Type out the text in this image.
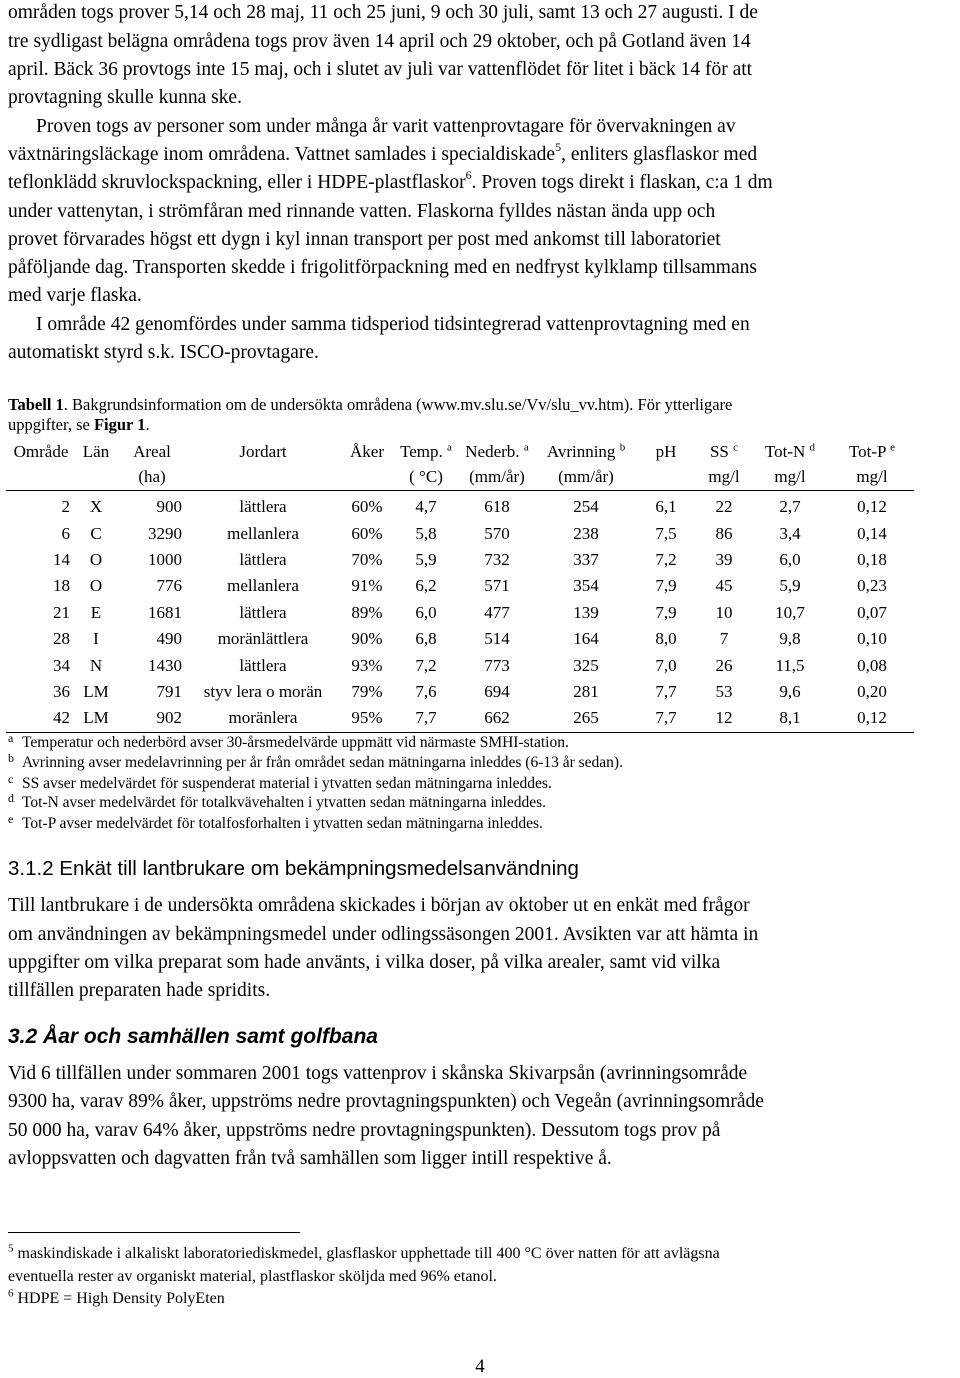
områden togs prover 5,14 och 28 maj, 11 och 25 juni, 9 och 30 juli, samt 13 och 27 augusti. I de
tre sydligast belägna områdena togs prov även 14 april och 29 oktober, och på Gotland även 14
april. Bäck 36 provtogs inte 15 maj, och i slutet av juli var vattenflödet för litet i bäck 14 för att
provtagning skulle kunna ske.
Proven togs av personer som under många år varit vattenprovtagare för övervakningen av
växtnäringsläckage inom områdena. Vattnet samlades i specialdiskade$^5$, enliters glasflaskor med
teflonklädd skruvlockspackning, eller i HDPE-plastflaskor$^6$. Proven togs direkt i flaskan, c:a 1 dm
under vattenytan, i strömfåran med rinnande vatten. Flaskorna fylldes nästan ända upp och
provet förvarades högst ett dygn i kyl innan transport per post med ankomst till laboratoriet
påföljande dag. Transporten skedde i frigolitförpackning med en nedfryst kylklamp tillsammans
med varje flaska.
I område 42 genomfördes under samma tidsperiod tidsintegrerad vattenprovtagning med en
automatiskt styrd s.k. ISCO-provtagare.
Tabell 1. Bakgrundsinformation om de undersökta områdena (www.mv.slu.se/Vv/slu_vv.htm). För ytterligare
uppgifter, se Figur 1.
Område	Län	Areal	Jordart	Åker	Temp. $^a$	Nederb. $^a$	Avrinning $^b$	pH	SS $^c$	Tot-N $^d$	Tot-P $^e$
		(ha)			( °C)	(mm/år)	(mm/år)		mg/l	mg/l	mg/l
2	X	900	lättlera	60%	4,7	618	254	6,1	22	2,7	0,12
6	C	3290	mellanlera	60%	5,8	570	238	7,5	86	3,4	0,14
14	O	1000	lättlera	70%	5,9	732	337	7,2	39	6,0	0,18
18	O	776	mellanlera	91%	6,2	571	354	7,9	45	5,9	0,23
21	E	1681	lättlera	89%	6,0	477	139	7,9	10	10,7	0,07
28	I	490	moränlättlera	90%	6,8	514	164	8,0	7	9,8	0,10
34	N	1430	lättlera	93%	7,2	773	325	7,0	26	11,5	0,08
36	LM	791	styv lera o morän	79%	7,6	694	281	7,7	53	9,6	0,20
42	LM	902	moränlera	95%	7,7	662	265	7,7	12	8,1	0,12
a Temperatur och nederbörd avser 30-årsmedelvärde uppmätt vid närmaste SMHI-station.
b Avrinning avser medelavrinning per år från området sedan mätningarna inleddes (6-13 år sedan).
c SS avser medelvärdet för suspenderat material i ytvatten sedan mätningarna inleddes.
d Tot-N avser medelvärdet för totalkvävehalten i ytvatten sedan mätningarna inleddes.
e Tot-P avser medelvärdet för totalfosforhalten i ytvatten sedan mätningarna inleddes.
3.1.2 Enkät till lantbrukare om bekämpningsmedelsanvändning
Till lantbrukare i de undersökta områdena skickades i början av oktober ut en enkät med frågor
om användningen av bekämpningsmedel under odlingssäsongen 2001. Avsikten var att hämta in
uppgifter om vilka preparat som hade använts, i vilka doser, på vilka arealer, samt vid vilka
tillfällen preparaten hade spridits.
3.2 Åar och samhällen samt golfbana
Vid 6 tillfällen under sommaren 2001 togs vattenprov i skånska Skivarpsån (avrinningsområde
9300 ha, varav 89% åker, uppströms nedre provtagningspunkten) och Vegeån (avrinningsområde
50 000 ha, varav 64% åker, uppströms nedre provtagningspunkten). Dessutom togs prov på
avloppsvatten och dagvatten från två samhällen som ligger intill respektive å.
$^5$ maskindiskade i alkaliskt laboratoriediskmedel, glasflaskor upphettade till 400 °C över natten för att avlägsna
eventuella rester av organiskt material, plastflaskor sköljda med 96% etanol.
$^6$ HDPE = High Density PolyEten
4
